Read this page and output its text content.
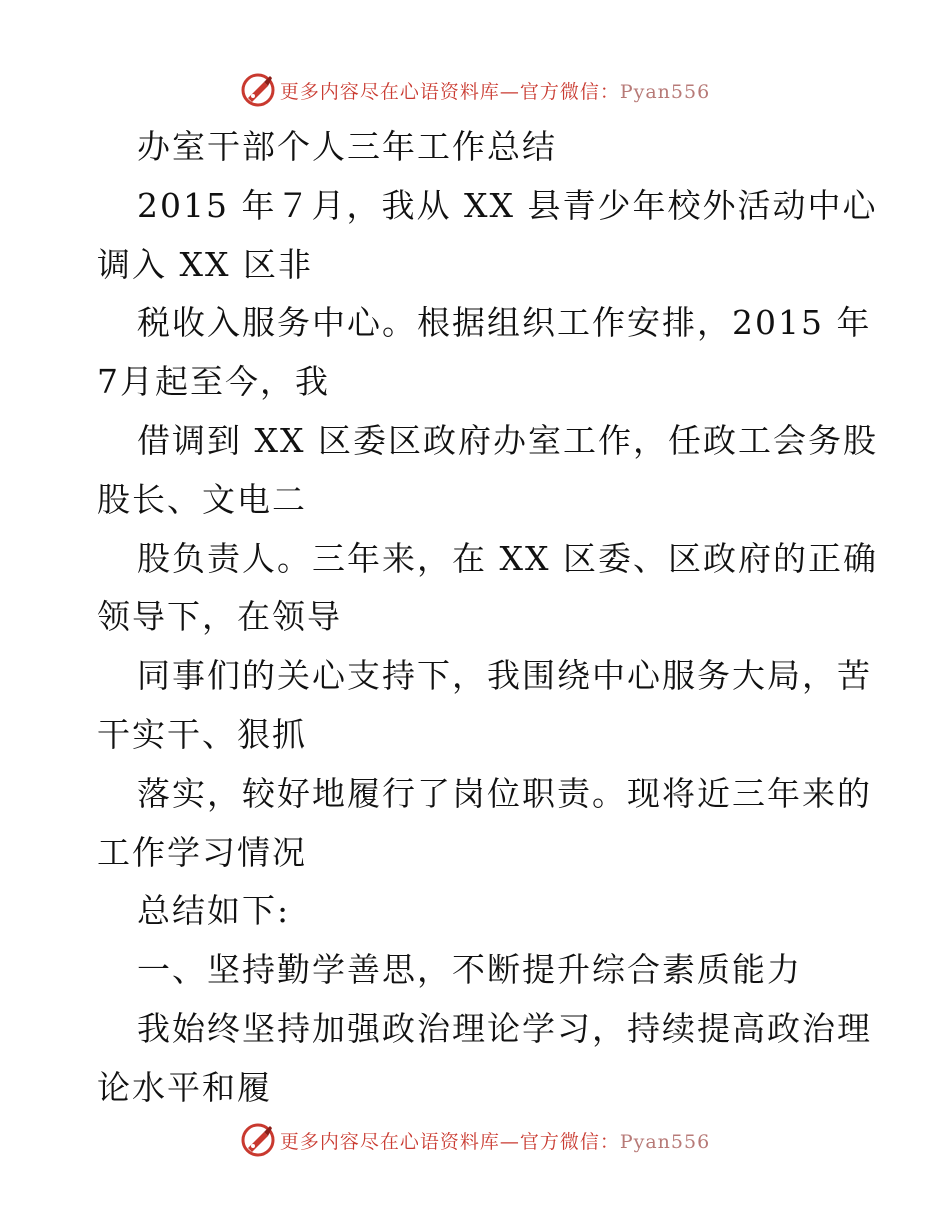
更多内容尽在心语资料库—官方微信：Pyan556
办室干部个人三年工作总结
2015 年７月，我从 XX 县青少年校外活动中心
调入 XX 区非
税收入服务中心。根据组织工作安排，2015 年
7月起至今，我
借调到 XX 区委区政府办室工作，任政工会务股
股长、文电二
股负责人。三年来，在 XX 区委、区政府的正确
领导下，在领导
同事们的关心支持下，我围绕中心服务大局，苦
干实干、狠抓
落实，较好地履行了岗位职责。现将近三年来的
工作学习情况
总结如下:
一、坚持勤学善思，不断提升综合素质能力
我始终坚持加强政治理论学习，持续提高政治理
论水平和履
更多内容尽在心语资料库—官方微信：Pyan556
